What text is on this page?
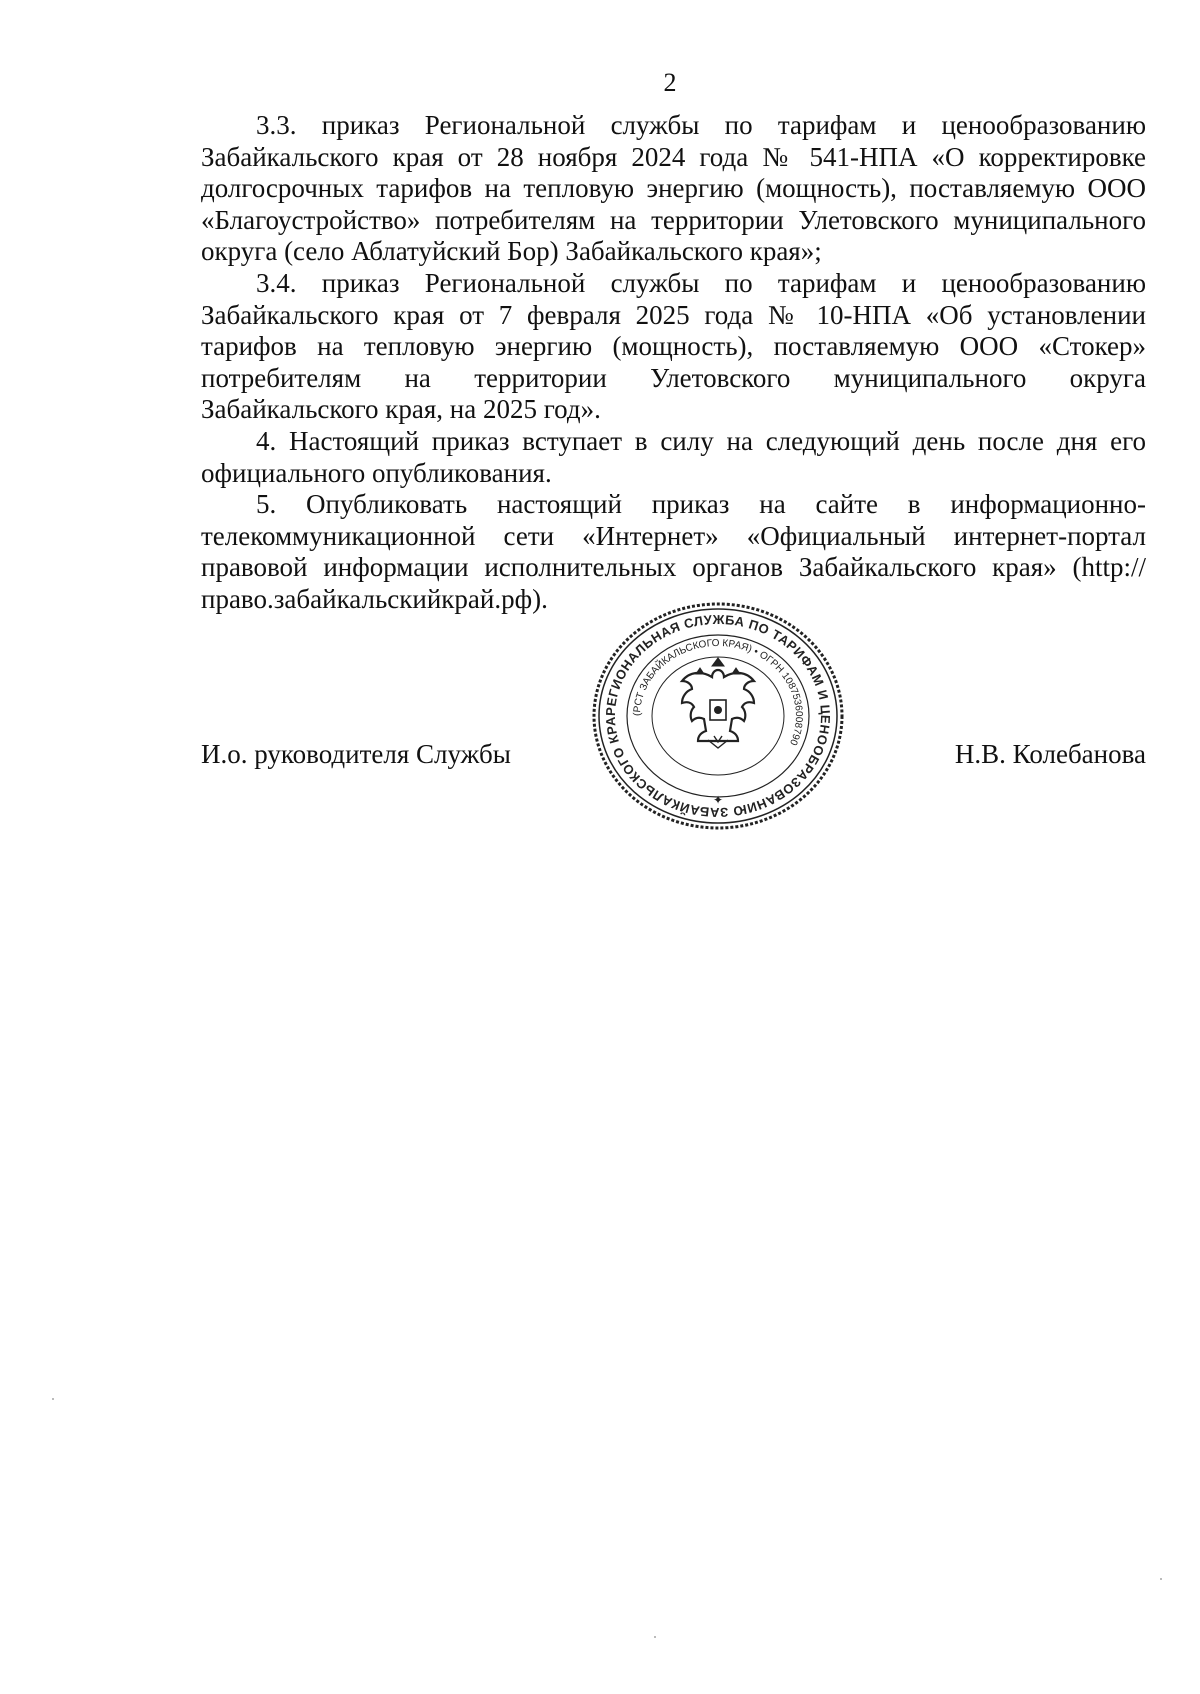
2

3.3. приказ Региональной службы по тарифам и ценообразованию Забайкальского края от 28 ноября 2024 года № 541-НПА «О корректировке долгосрочных тарифов на тепловую энергию (мощность), поставляемую ООО «Благоустройство» потребителям на территории Улетовского муниципального округа (село Аблатуйский Бор) Забайкальского края»;

3.4. приказ Региональной службы по тарифам и ценообразованию Забайкальского края от 7 февраля 2025 года № 10-НПА «Об установлении тарифов на тепловую энергию (мощность), поставляемую ООО «Стокер» потребителям на территории Улетовского муниципального округа Забайкальского края, на 2025 год».

4. Настоящий приказ вступает в силу на следующий день после дня его официального опубликования.

5. Опубликовать настоящий приказ на сайте в информационно-телекоммуникационной сети «Интернет» «Официальный интернет-портал правовой информации исполнительных органов Забайкальского края» (http://право.забайкальскийкрай.рф).

И.о. руководителя Службы	Н.В. Колебанова
РЕГИОНАЛЬНАЯ СЛУЖБА ПО ТАРИФАМ И ЦЕНООБРАЗОВАНИЮ ЗАБАЙКАЛЬСКОГО КРА
(РСТ ЗАБАЙКАЛЬСКОГО КРАЯ) • ОГРН 1087536008790
✦
